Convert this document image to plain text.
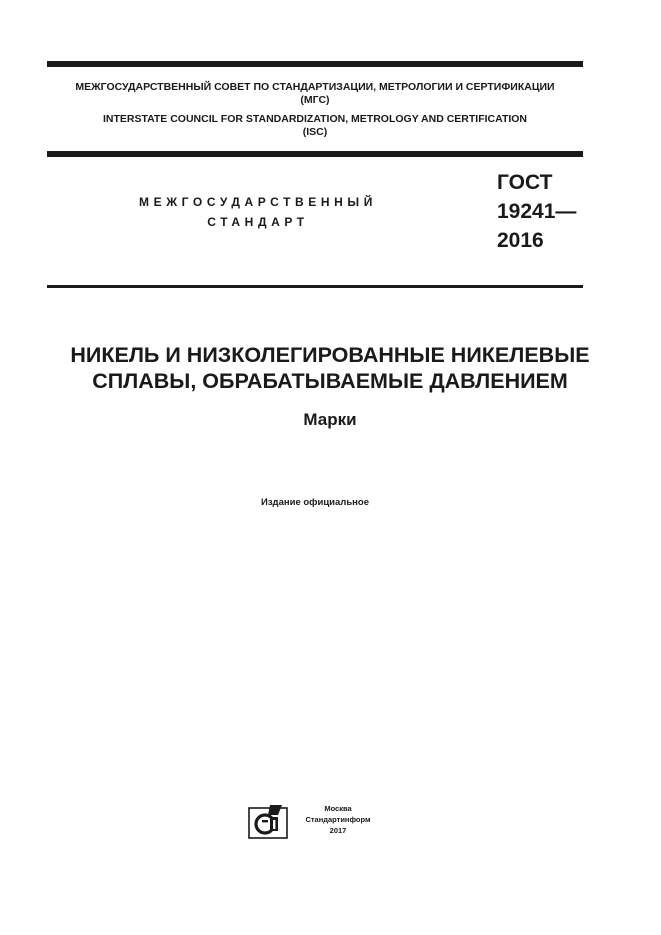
МЕЖГОСУДАРСТВЕННЫЙ СОВЕТ ПО СТАНДАРТИЗАЦИИ, МЕТРОЛОГИИ И СЕРТИФИКАЦИИ
(МГС)
INTERSTATE COUNCIL FOR STANDARDIZATION, METROLOGY AND CERTIFICATION
(ISC)
МЕЖГОСУДАРСТВЕННЫЙ
СТАНДАРТ
ГОСТ
19241—
2016
НИКЕЛЬ И НИЗКОЛЕГИРОВАННЫЕ НИКЕЛЕВЫЕ
СПЛАВЫ, ОБРАБАТЫВАЕМЫЕ ДАВЛЕНИЕМ
Марки
Издание официальное
Москва
Стандартинформ
2017
